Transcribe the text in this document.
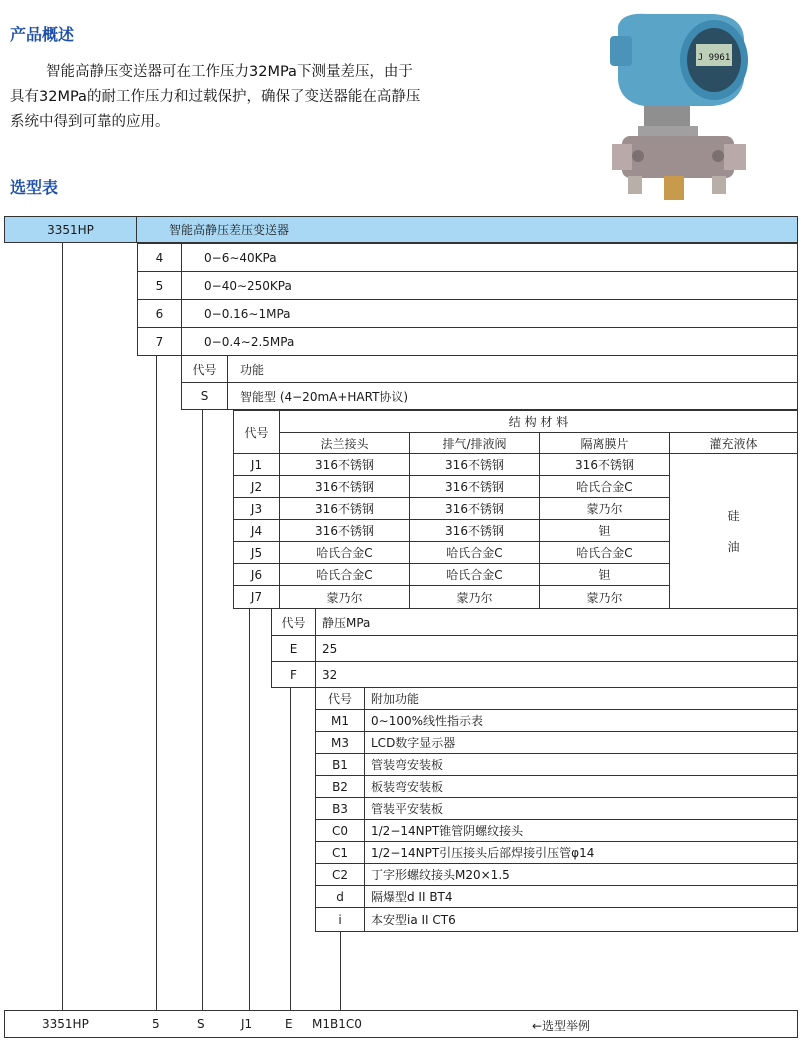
产品概述
智能高静压变送器可在工作压力32MPa下测量差压，由于
具有32MPa的耐工作压力和过载保护，确保了变送器能在高静压
系统中得到可靠的应用。
J 9961
选型表
3351HP	智能高静压差压变送器
4	0−6∼40KPa
5	0−40∼250KPa
6	0−0.16∼1MPa
7	0−0.4∼2.5MPa
代号	功能
S	智能型 (4−20mA+HART协议)
代号
结 构 材 料
法兰接头	排气/排液阀	隔离膜片	灌充液体
J1	316不锈钢	316不锈钢	316不锈钢
J2	316不锈钢	316不锈钢	哈氏合金C
J3	316不锈钢	316不锈钢	蒙乃尔
J4	316不锈钢	316不锈钢	钽
J5	哈氏合金C	哈氏合金C	哈氏合金C
J6	哈氏合金C	哈氏合金C	钽
J7	蒙乃尔	蒙乃尔	蒙乃尔
硅
油
代号	静压MPa
E	25
F	32
代号	附加功能
M1	0∼100%线性指示表
M3	LCD数字显示器
B1	管装弯安装板
B2	板装弯安装板
B3	管装平安装板
C0	1/2−14NPT锥管阴螺纹接头
C1	1/2−14NPT引压接头后部焊接引压管φ14
C2	丁字形螺纹接头M20×1.5
d	隔爆型d II BT4
i	本安型ia II CT6
3351HP	5	S	J1	E M1B1C0	←选型举例
